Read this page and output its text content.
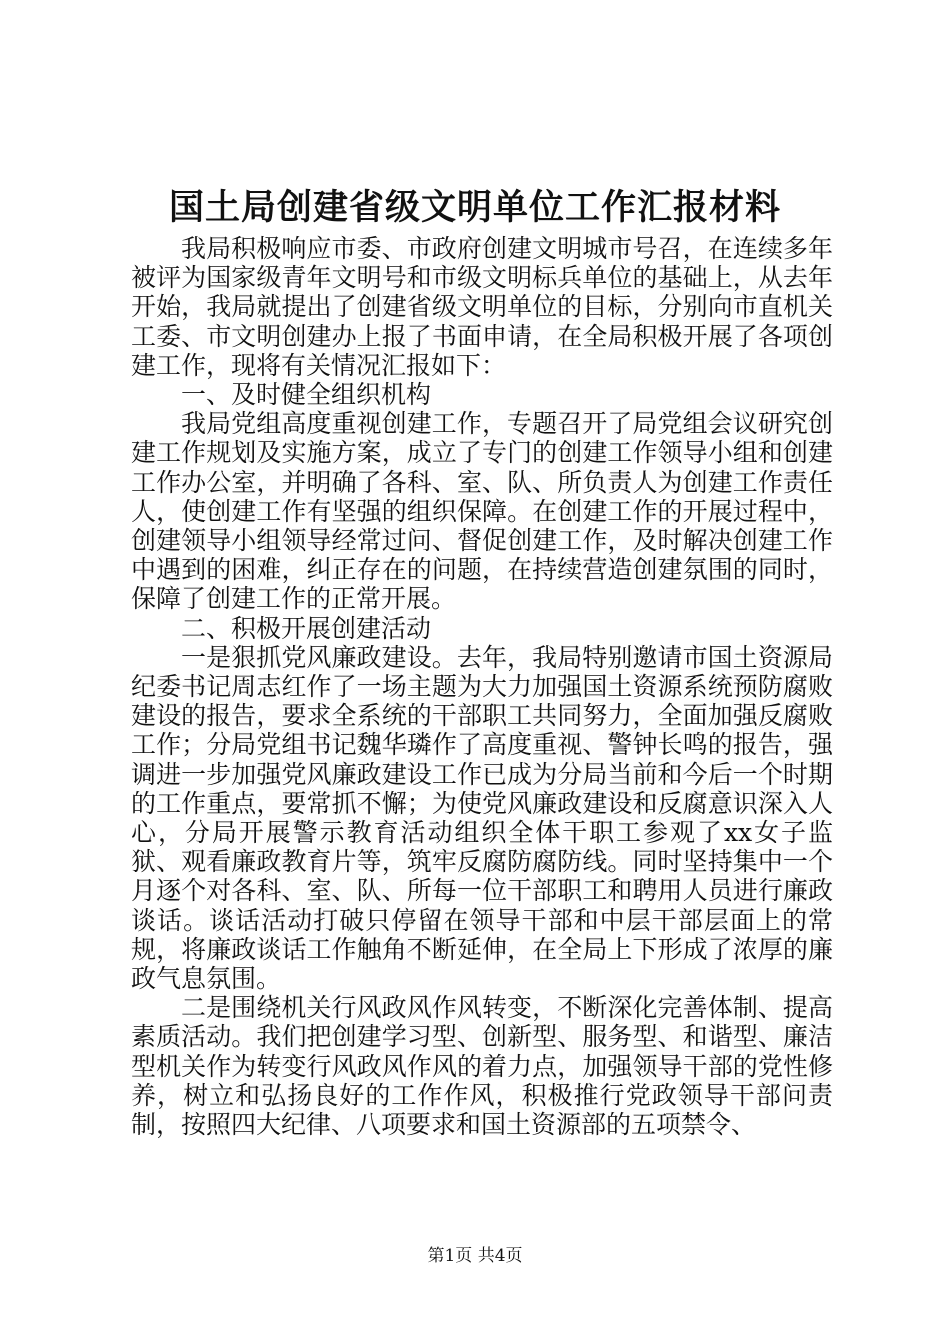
国土局创建省级文明单位工作汇报材料

我局积极响应市委、市政府创建文明城市号召，在连续多年被评为国家级青年文明号和市级文明标兵单位的基础上，从去年开始，我局就提出了创建省级文明单位的目标，分别向市直机关工委、市文明创建办上报了书面申请，在全局积极开展了各项创建工作，现将有关情况汇报如下：

一、及时健全组织机构

我局党组高度重视创建工作，专题召开了局党组会议研究创建工作规划及实施方案，成立了专门的创建工作领导小组和创建工作办公室，并明确了各科、室、队、所负责人为创建工作责任人，使创建工作有坚强的组织保障。在创建工作的开展过程中，创建领导小组领导经常过问、督促创建工作，及时解决创建工作中遇到的困难，纠正存在的问题，在持续营造创建氛围的同时，保障了创建工作的正常开展。

二、积极开展创建活动

一是狠抓党风廉政建设。去年，我局特别邀请市国土资源局纪委书记周志红作了一场主题为大力加强国土资源系统预防腐败建设的报告，要求全系统的干部职工共同努力，全面加强反腐败工作；分局党组书记魏华璘作了高度重视、警钟长鸣的报告，强调进一步加强党风廉政建设工作已成为分局当前和今后一个时期的工作重点，要常抓不懈；为使党风廉政建设和反腐意识深入人心，分局开展警示教育活动组织全体干职工参观了xx女子监狱、观看廉政教育片等，筑牢反腐防腐防线。同时坚持集中一个月逐个对各科、室、队、所每一位干部职工和聘用人员进行廉政谈话。谈话活动打破只停留在领导干部和中层干部层面上的常规，将廉政谈话工作触角不断延伸，在全局上下形成了浓厚的廉政气息氛围。

二是围绕机关行风政风作风转变，不断深化完善体制、提高素质活动。我们把创建学习型、创新型、服务型、和谐型、廉洁型机关作为转变行风政风作风的着力点，加强领导干部的党性修养，树立和弘扬良好的工作作风，积极推行党政领导干部问责制，按照四大纪律、八项要求和国土资源部的五项禁令、

第1页 共4页
